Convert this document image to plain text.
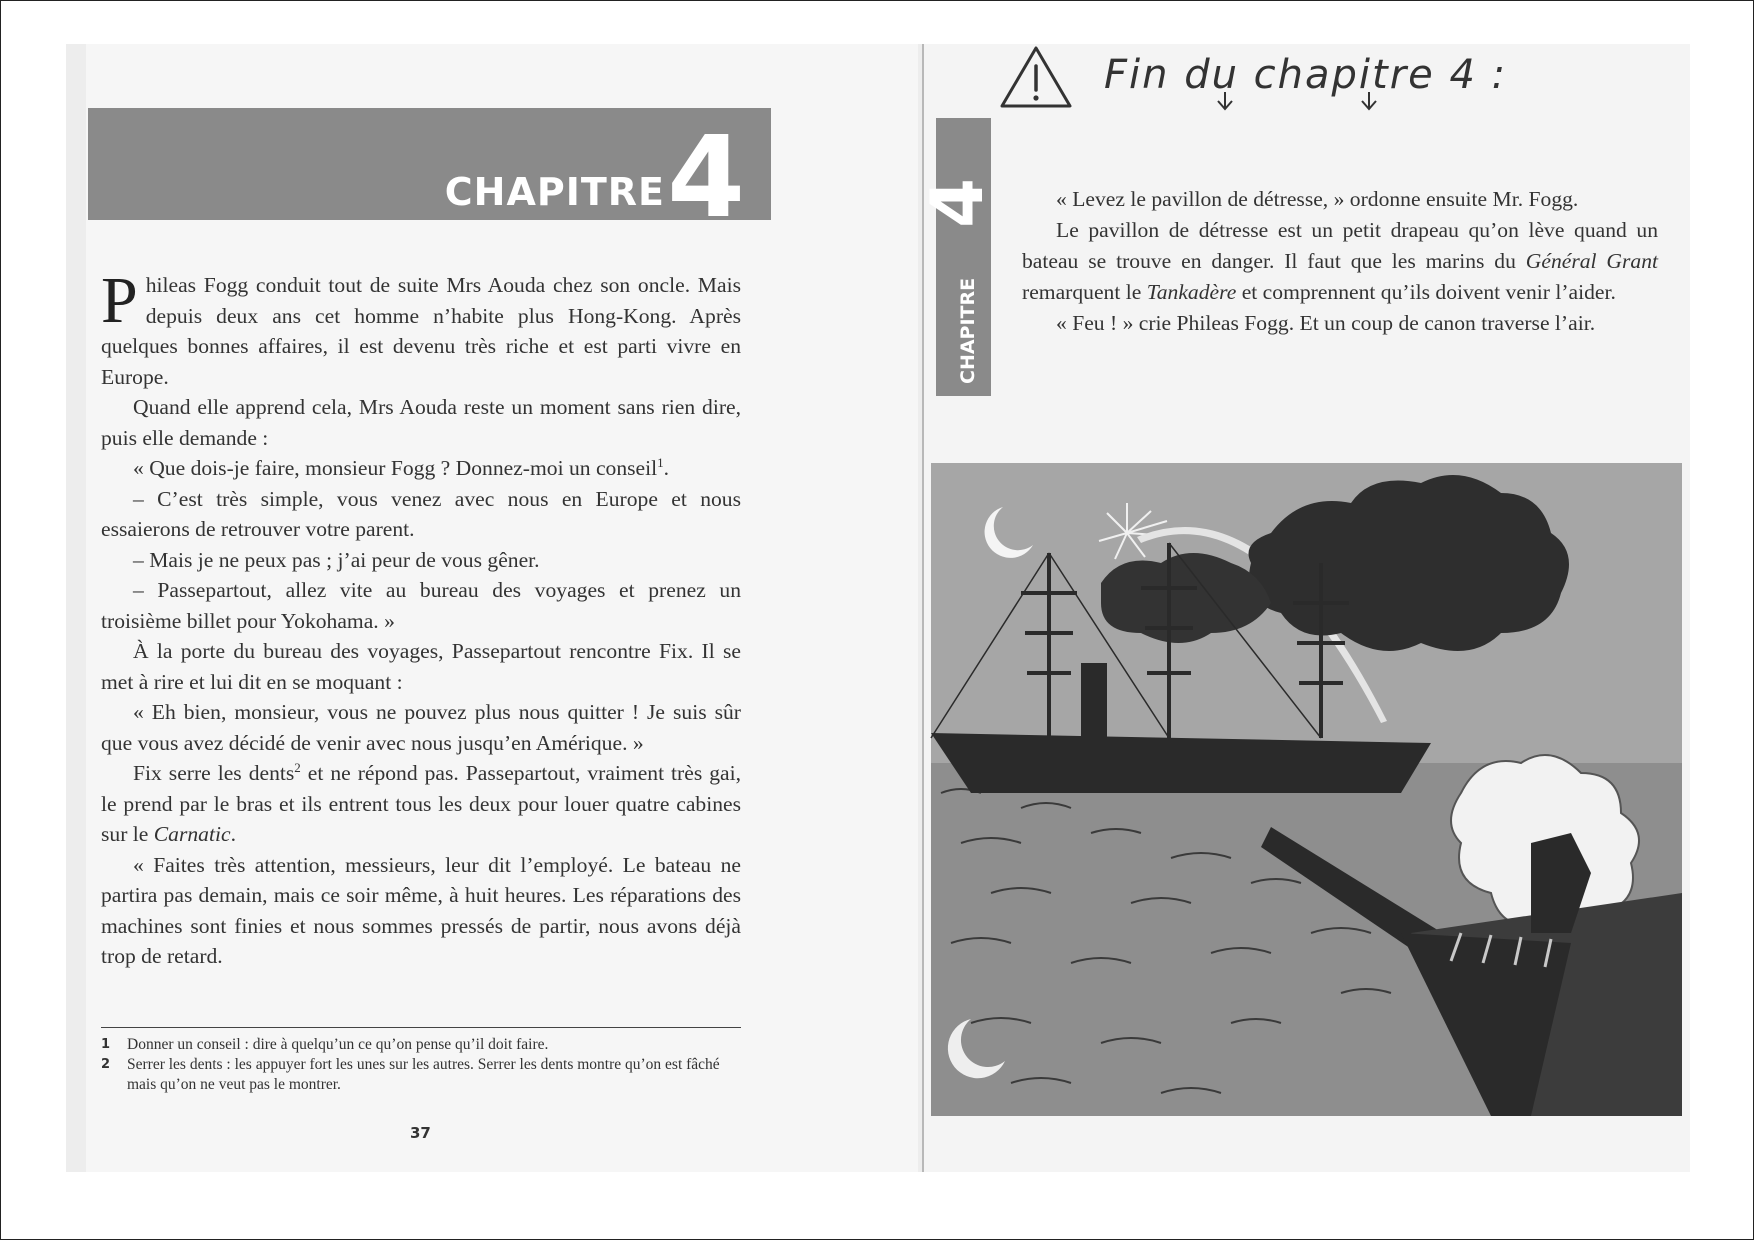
CHAPITRE 4

Phileas Fogg conduit tout de suite Mrs Aouda chez son oncle. Mais depuis deux ans cet homme n’habite plus Hong-Kong. Après quelques bonnes affaires, il est devenu très riche et est parti vivre en Europe.

Quand elle apprend cela, Mrs Aouda reste un moment sans rien dire, puis elle demande :

« Que dois-je faire, monsieur Fogg ? Donnez-moi un conseil$^1$.

– C’est très simple, vous venez avec nous en Europe et nous essaierons de retrouver votre parent.

– Mais je ne peux pas ; j’ai peur de vous gêner.

– Passepartout, allez vite au bureau des voyages et prenez un troisième billet pour Yokohama. »

À la porte du bureau des voyages, Passepartout rencontre Fix. Il se met à rire et lui dit en se moquant :

« Eh bien, monsieur, vous ne pouvez plus nous quitter ! Je suis sûr que vous avez décidé de venir avec nous jusqu’en Amérique. »

Fix serre les dents$^2$ et ne répond pas. Passepartout, vraiment très gai, le prend par le bras et ils entrent tous les deux pour louer quatre cabines sur le Carnatic.

« Faites très attention, messieurs, leur dit l’employé. Le bateau ne partira pas demain, mais ce soir même, à huit heures. Les réparations des machines sont finies et nous sommes pressés de partir, nous avons déjà trop de retard.

1	Donner un conseil : dire à quelqu’un ce qu’on pense qu’il doit faire.
2	Serrer les dents : les appuyer fort les unes sur les autres. Serrer les dents montre qu’on est fâché mais qu’on ne veut pas le montrer.
37
Fin du chapitre 4 :
4
CHAPITRE

« Levez le pavillon de détresse, » ordonne ensuite Mr. Fogg.

Le pavillon de détresse est un petit drapeau qu’on lève quand un bateau se trouve en danger. Il faut que les marins du Général Grant remarquent le Tankadère et comprennent qu’ils doivent venir l’aider.

« Feu ! » crie Phileas Fogg. Et un coup de canon traverse l’air.
